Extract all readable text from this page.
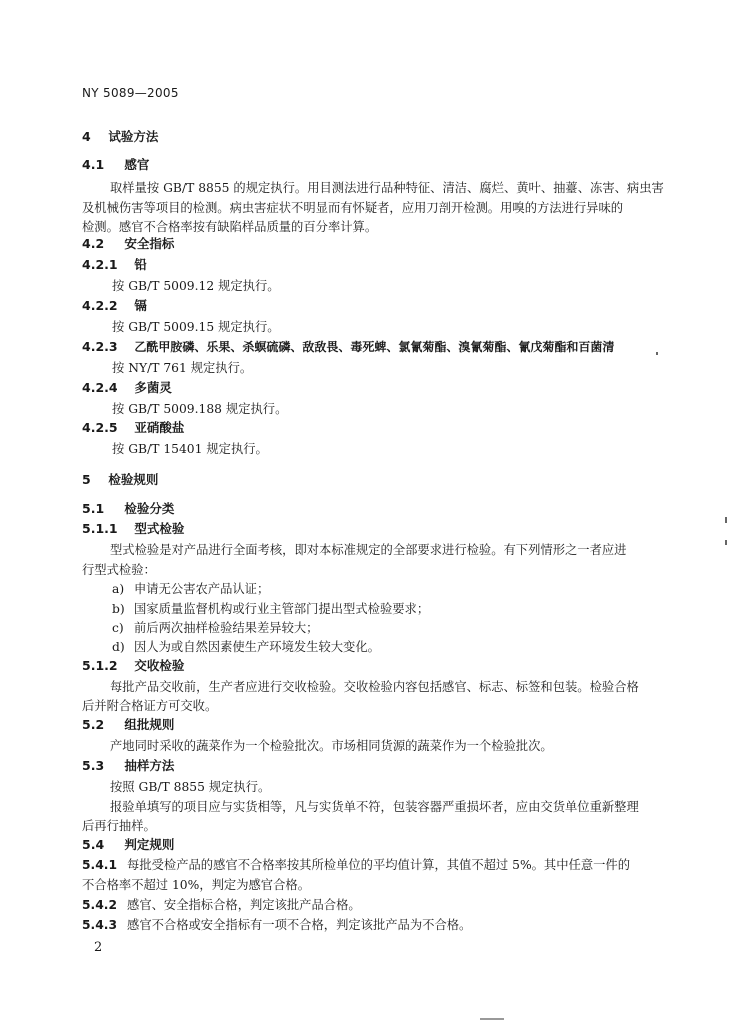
NY 5089—2005
4 试验方法
4.1 感官
取样量按 GB/T 8855 的规定执行。用目测法进行品种特征、清洁、腐烂、黄叶、抽薹、冻害、病虫害
及机械伤害等项目的检测。病虫害症状不明显而有怀疑者，应用刀剖开检测。用嗅的方法进行异味的
检测。感官不合格率按有缺陷样品质量的百分率计算。
4.2 安全指标
4.2.1 铅
按 GB/T 5009.12 规定执行。
4.2.2 镉
按 GB/T 5009.15 规定执行。
4.2.3 乙酰甲胺磷、乐果、杀螟硫磷、敌敌畏、毒死蜱、氯氰菊酯、溴氰菊酯、氰戊菊酯和百菌清
按 NY/T 761 规定执行。
4.2.4 多菌灵
按 GB/T 5009.188 规定执行。
4.2.5 亚硝酸盐
按 GB/T 15401 规定执行。
5 检验规则
5.1 检验分类
5.1.1 型式检验
型式检验是对产品进行全面考核，即对本标准规定的全部要求进行检验。有下列情形之一者应进
行型式检验：
a) 申请无公害农产品认证；
b) 国家质量监督机构或行业主管部门提出型式检验要求；
c) 前后两次抽样检验结果差异较大；
d) 因人为或自然因素使生产环境发生较大变化。
5.1.2 交收检验
每批产品交收前，生产者应进行交收检验。交收检验内容包括感官、标志、标签和包装。检验合格
后并附合格证方可交收。
5.2 组批规则
产地同时采收的蔬菜作为一个检验批次。市场相同货源的蔬菜作为一个检验批次。
5.3 抽样方法
按照 GB/T 8855 规定执行。
报验单填写的项目应与实货相等，凡与实货单不符，包装容器严重损坏者，应由交货单位重新整理
后再行抽样。
5.4 判定规则
5.4.1 每批受检产品的感官不合格率按其所检单位的平均值计算，其值不超过 5%。其中任意一件的
不合格率不超过 10%，判定为感官合格。
5.4.2 感官、安全指标合格，判定该批产品合格。
5.4.3 感官不合格或安全指标有一项不合格，判定该批产品为不合格。
2
